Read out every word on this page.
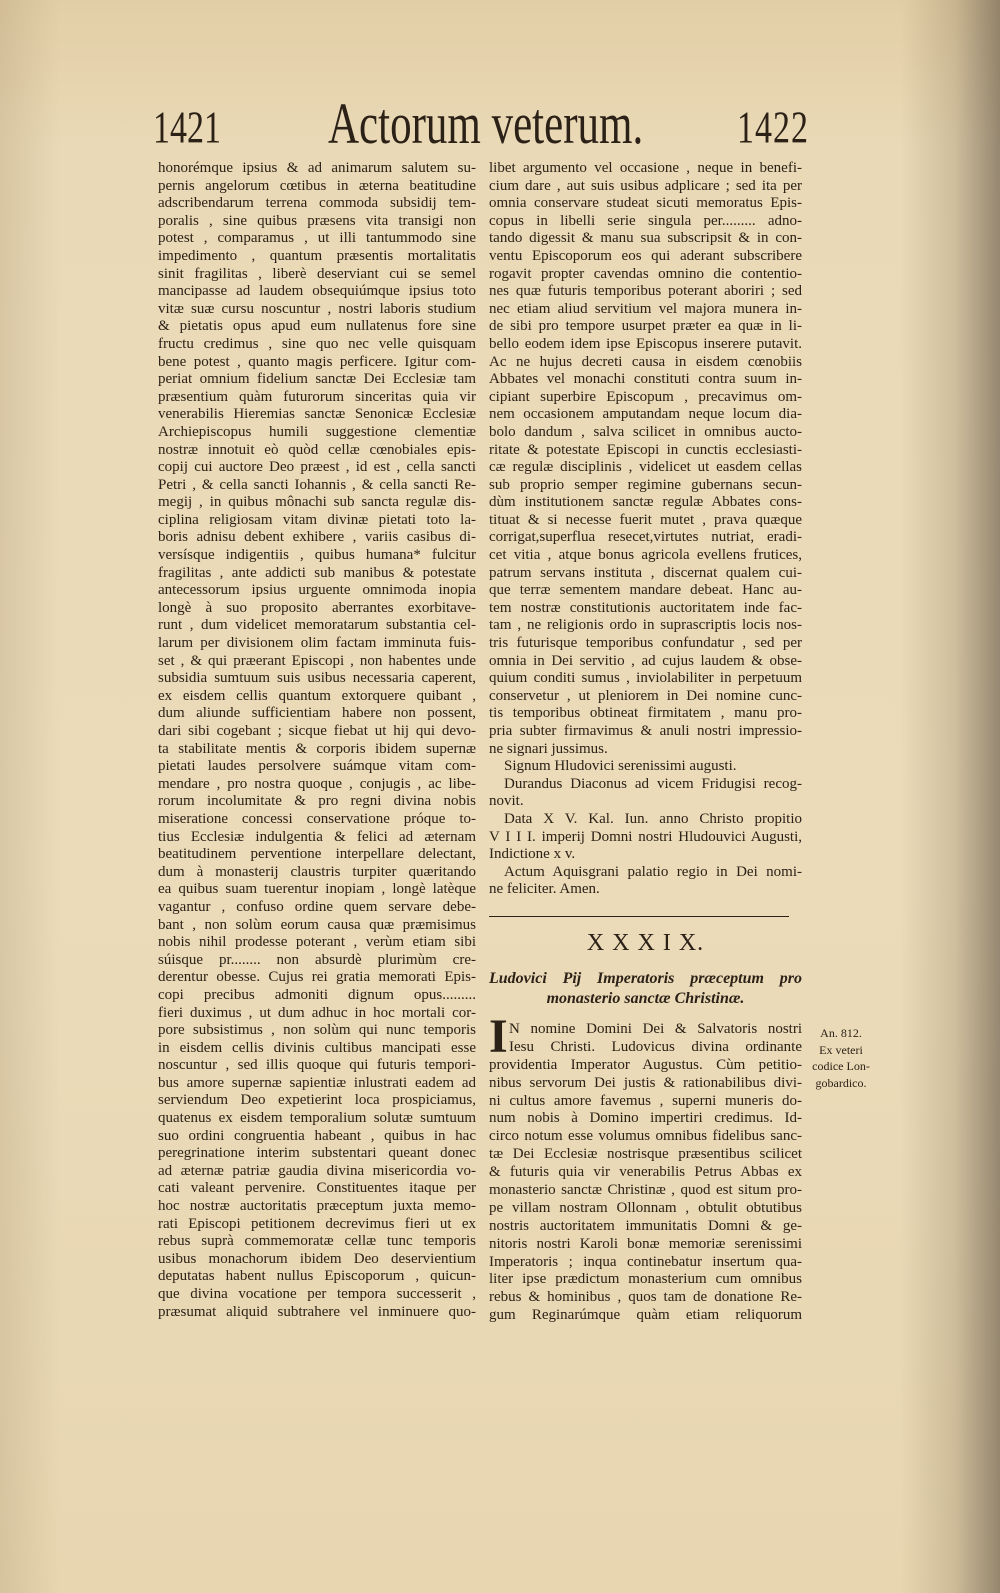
1421 Actorum veterum.	1422
honorémque ipsius & ad animarum salutem su-
pernis angelorum cœtibus in æterna beatitudine
adscribendarum terrena commoda subsidij tem-
poralis , sine quibus præsens vita transigi non
potest , comparamus , ut illi tantummodo sine
impedimento , quantum præsentis mortalitatis
sinit fragilitas , liberè deserviant cui se semel
mancipasse ad laudem obsequiúmque ipsius toto
vitæ suæ cursu noscuntur , nostri laboris studium
& pietatis opus apud eum nullatenus fore sine
fructu credimus , sine quo nec velle quisquam
bene potest , quanto magis perficere. Igitur com-
periat omnium fidelium sanctæ Dei Ecclesiæ tam
præsentium quàm futurorum sinceritas quia vir
venerabilis Hieremias sanctæ Senonicæ Ecclesiæ
Archiepiscopus humili suggestione clementiæ
nostræ innotuit eò quòd cellæ cœnobiales epis-
copij cui auctore Deo præest , id est , cella sancti
Petri , & cella sancti Iohannis , & cella sancti Re-
megij , in quibus mônachi sub sancta regulæ dis-
ciplina religiosam vitam divinæ pietati toto la-
boris adnisu debent exhibere , variis casibus di-
versísque indigentiis , quibus humana* fulcitur
fragilitas , ante addicti sub manibus & potestate
antecessorum ipsius urguente omnimoda inopia
longè à suo proposito aberrantes exorbitave-
runt , dum videlicet memoratarum substantia cel-
larum per divisionem olim factam imminuta fuis-
set , & qui præerant Episcopi , non habentes unde
subsidia sumtuum suis usibus necessaria caperent,
ex eisdem cellis quantum extorquere quibant ,
dum aliunde sufficientiam habere non possent,
dari sibi cogebant ; sicque fiebat ut hij qui devo-
ta stabilitate mentis & corporis ibidem supernæ
pietati laudes persolvere suámque vitam com-
mendare , pro nostra quoque , conjugis , ac libe-
rorum incolumitate & pro regni divina nobis
miseratione concessi conservatione próque to-
tius Ecclesiæ indulgentia & felici ad æternam
beatitudinem perventione interpellare delectant,
dum à monasterij claustris turpiter quæritando
ea quibus suam tuerentur inopiam , longè latèque
vagantur , confuso ordine quem servare debe-
bant , non solùm eorum causa quæ præmisimus
nobis nihil prodesse poterant , verùm etiam sibi
súisque pr........ non absurdè plurimùm cre-
derentur obesse. Cujus rei gratia memorati Epis-
copi precibus admoniti dignum opus.........
fieri duximus , ut dum adhuc in hoc mortali cor-
pore subsistimus , non solùm qui nunc temporis
in eisdem cellis divinis cultibus mancipati esse
noscuntur , sed illis quoque qui futuris tempori-
bus amore supernæ sapientiæ inlustrati eadem ad
serviendum Deo expetierint loca prospiciamus,
quatenus ex eisdem temporalium solutæ sumtuum
suo ordini congruentia habeant , quibus in hac
peregrinatione interim substentari queant donec
ad æternæ patriæ gaudia divina misericordia vo-
cati valeant pervenire. Constituentes itaque per
hoc nostræ auctoritatis præceptum juxta memo-
rati Episcopi petitionem decrevimus fieri ut ex
rebus suprà commemoratæ cellæ tunc temporis
usibus monachorum ibidem Deo deservientium
deputatas habent nullus Episcoporum , quicun-
que divina vocatione per tempora successerit ,
præsumat aliquid subtrahere vel inminuere quo-
libet argumento vel occasione , neque in benefi-
cium dare , aut suis usibus adplicare ; sed ita per
omnia conservare studeat sicuti memoratus Epis-
copus in libelli serie singula per......... adno-
tando digessit & manu sua subscripsit & in con-
ventu Episcoporum eos qui aderant subscribere
rogavit propter cavendas omnino die contentio-
nes quæ futuris temporibus poterant aboriri ; sed
nec etiam aliud servitium vel majora munera in-
de sibi pro tempore usurpet præter ea quæ in li-
bello eodem idem ipse Episcopus inserere putavit.
Ac ne hujus decreti causa in eisdem cœnobiis
Abbates vel monachi constituti contra suum in-
cipiant superbire Episcopum , precavimus om-
nem occasionem amputandam neque locum dia-
bolo dandum , salva scilicet in omnibus aucto-
ritate & potestate Episcopi in cunctis ecclesiasti-
cæ regulæ disciplinis , videlicet ut easdem cellas
sub proprio semper regimine gubernans secun-
dùm institutionem sanctæ regulæ Abbates cons-
tituat & si necesse fuerit mutet , prava quæque
corrigat,superflua resecet,virtutes nutriat, eradi-
cet vitia , atque bonus agricola evellens frutices,
patrum servans instituta , discernat qualem cui-
que terræ sementem mandare debeat. Hanc au-
tem nostræ constitutionis auctoritatem inde fac-
tam , ne religionis ordo in suprascriptis locis nos-
tris futurisque temporibus confundatur , sed per
omnia in Dei servitio , ad cujus laudem & obse-
quium conditi sumus , inviolabiliter in perpetuum
conservetur , ut pleniorem in Dei nomine cunc-
tis temporibus obtineat firmitatem , manu pro-
pria subter firmavimus & anuli nostri impressio-
ne signari jussimus.
Signum Hludovici serenissimi augusti.
Durandus Diaconus ad vicem Fridugisi recog-
novit.
Data X V. Kal. Iun. anno Christo propitio
V I I I. imperij Domni nostri Hludouvici Augusti,
Indictione x v.
Actum Aquisgrani palatio regio in Dei nomi-
ne feliciter. Amen.
X X X I X.
Ludovici Pij Imperatoris præceptum pro
monasterio sanctæ Christinæ.
I N nomine Domini Dei & Salvatoris nostri
Iesu Christi. Ludovicus divina ordinante
providentia Imperator Augustus. Cùm petitio-
nibus servorum Dei justis & rationabilibus divi-
ni cultus amore favemus , superni muneris do-
num nobis à Domino impertiri credimus. Id-
circo notum esse volumus omnibus fidelibus sanc-
tæ Dei Ecclesiæ nostrisque præsentibus scilicet
& futuris quia vir venerabilis Petrus Abbas ex
monasterio sanctæ Christinæ , quod est situm pro-
pe villam nostram Ollonnam , obtulit obtutibus
nostris auctoritatem immunitatis Domni & ge-
nitoris nostri Karoli bonæ memoriæ serenissimi
Imperatoris ; inqua continebatur insertum qua-
liter ipse prædictum monasterium cum omnibus
rebus & hominibus , quos tam de donatione Re-
gum Reginarúmque quàm etiam reliquorum
An. 812.
Ex veteri
codice Lon-
gobardico.
